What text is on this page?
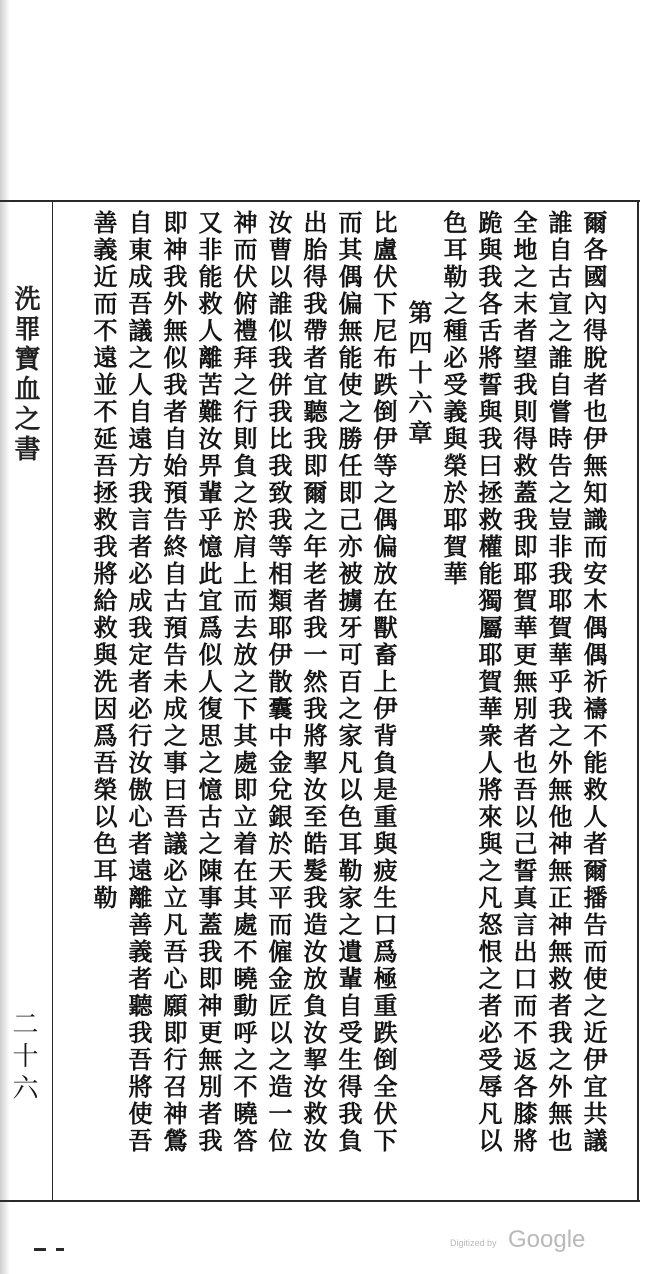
爾各國內得脫者也伊無知識而安木偶偶祈禱不能救人者爾播告而使之近伊宜共議
誰自古宣之誰自嘗時告之豈非我耶賀華乎我之外無他神無正神無救者我之外無也
全地之末者望我則得救蓋我即耶賀華更無別者也吾以己誓真言出口而不返各膝將
跪與我各舌將誓與我曰拯救權能獨屬耶賀華衆人將來與之凡怒恨之者必受辱凡以
色耳勒之種必受義與榮於耶賀華
第四十六章
比盧伏下尼布跌倒伊等之偶偏放在獸畜上伊背負是重與疲生口爲極重跌倒全伏下
而其偶偏無能使之勝任即己亦被擄牙可百之家凡以色耳勒家之遺輩自受生得我負
出胎得我帶者宜聽我即爾之年老者我一然我將挈汝至皓髮我造汝放負汝挈汝救汝
汝曹以誰似我併我比我致我等相類耶伊散囊中金兌銀於天平而僱金匠以之造一位
神而伏俯禮拜之行則負之於肩上而去放之下其處即立着在其處不曉動呼之不曉答
又非能救人離苦難汝畀輩乎憶此宜爲似人復思之憶古之陳事蓋我即神更無別者我
即神我外無似我者自始預告終自古預告未成之事曰吾議必立凡吾心願即行召神鶯
自東成吾議之人自遠方我言者必成我定者必行汝傲心者遠離善義者聽我吾將使吾
善義近而不遠並不延吾拯救我將給救與洗因爲吾榮以色耳勒
洗罪寶血之書
二十六
Digitized by Google
